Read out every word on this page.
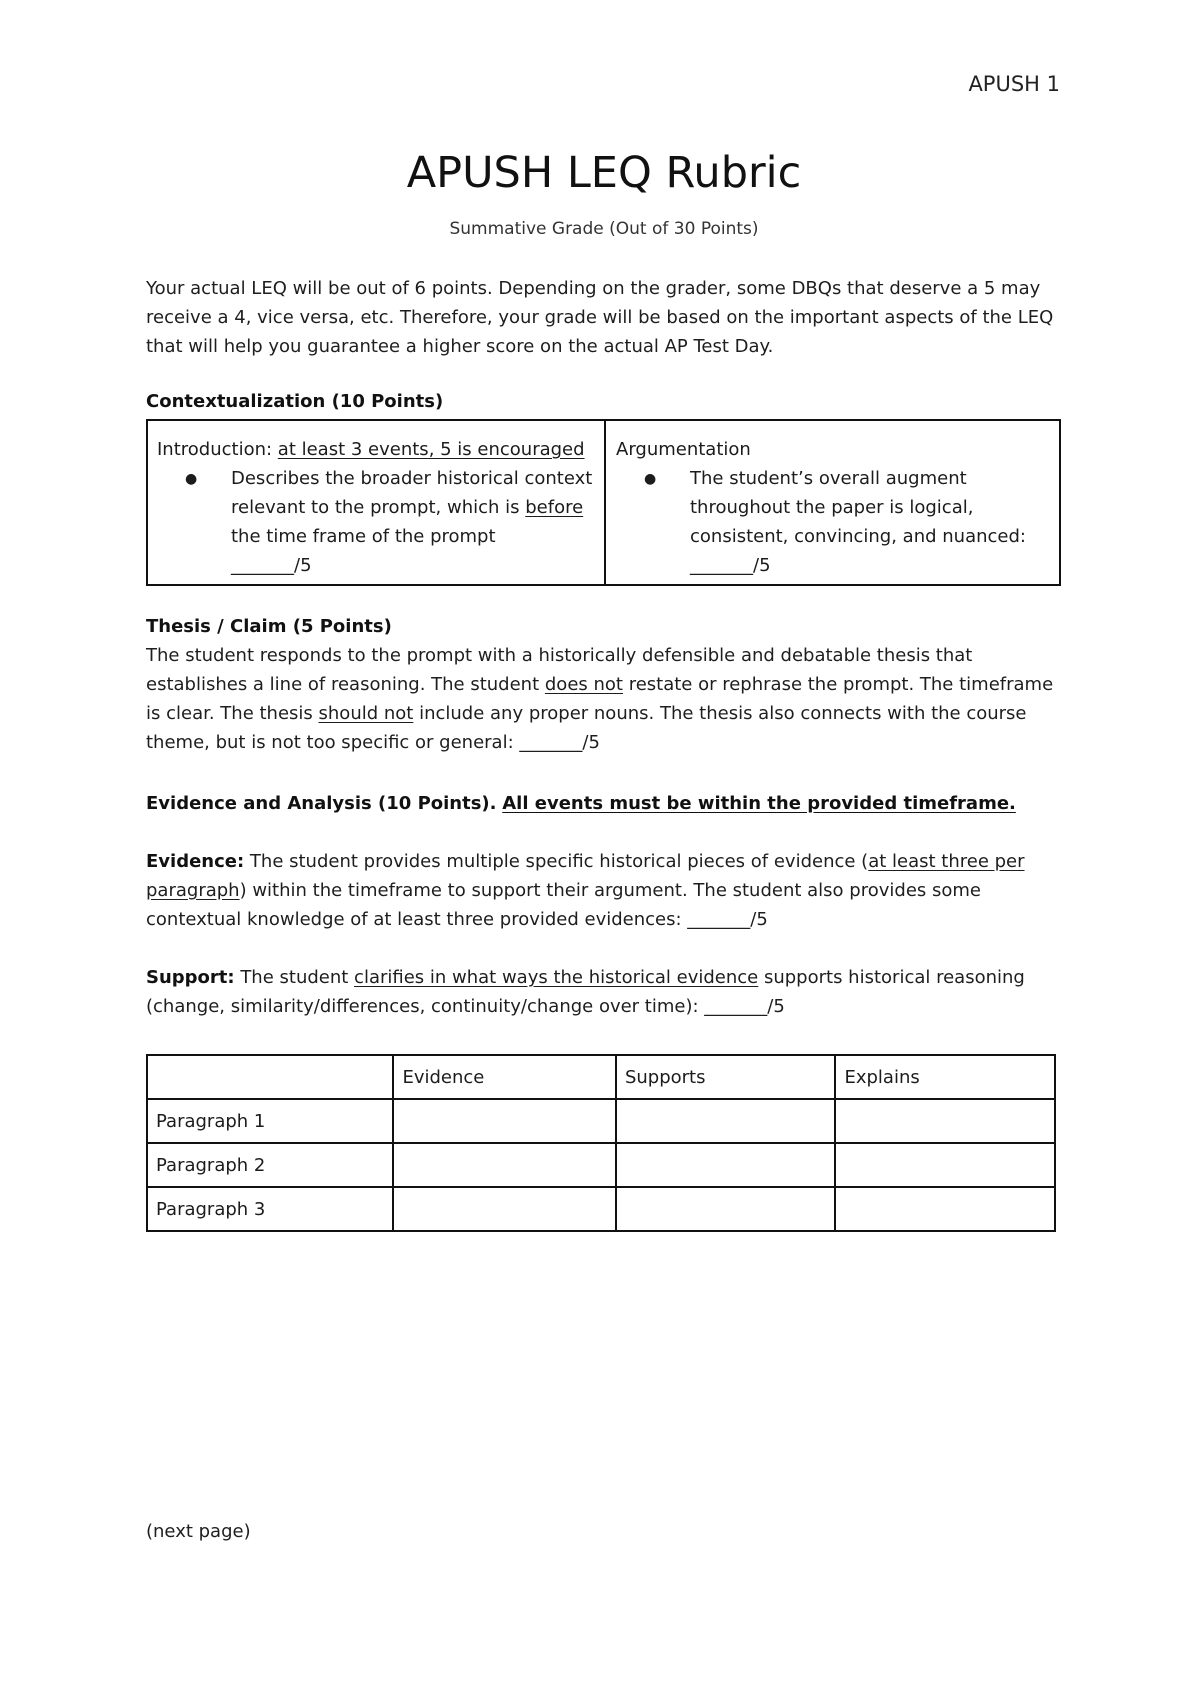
APUSH 1
APUSH LEQ Rubric
Summative Grade (Out of 30 Points)
Your actual LEQ will be out of 6 points. Depending on the grader, some DBQs that deserve a 5 may receive a 4, vice versa, etc. Therefore, your grade will be based on the important aspects of the LEQ that will help you guarantee a higher score on the actual AP Test Day.
Contextualization (10 Points)
Introduction: at least 3 events, 5 is encouraged
●	Describes the broader historical context relevant to the prompt, which is before the time frame of the prompt
_______/5
Argumentation
●	The student’s overall augment throughout the paper is logical, consistent, convincing, and nuanced:
_______/5
Thesis / Claim (5 Points)
The student responds to the prompt with a historically defensible and debatable thesis that establishes a line of reasoning. The student does not restate or rephrase the prompt. The timeframe is clear. The thesis should not include any proper nouns. The thesis also connects with the course theme, but is not too specific or general: _______/5
Evidence and Analysis (10 Points). All events must be within the provided timeframe.
Evidence: The student provides multiple specific historical pieces of evidence (at least three per paragraph) within the timeframe to support their argument. The student also provides some contextual knowledge of at least three provided evidences: _______/5
Support: The student clarifies in what ways the historical evidence supports historical reasoning (change, similarity/differences, continuity/change over time): _______/5
	Evidence	Supports	Explains
Paragraph 1			
Paragraph 2			
Paragraph 3			
(next page)
